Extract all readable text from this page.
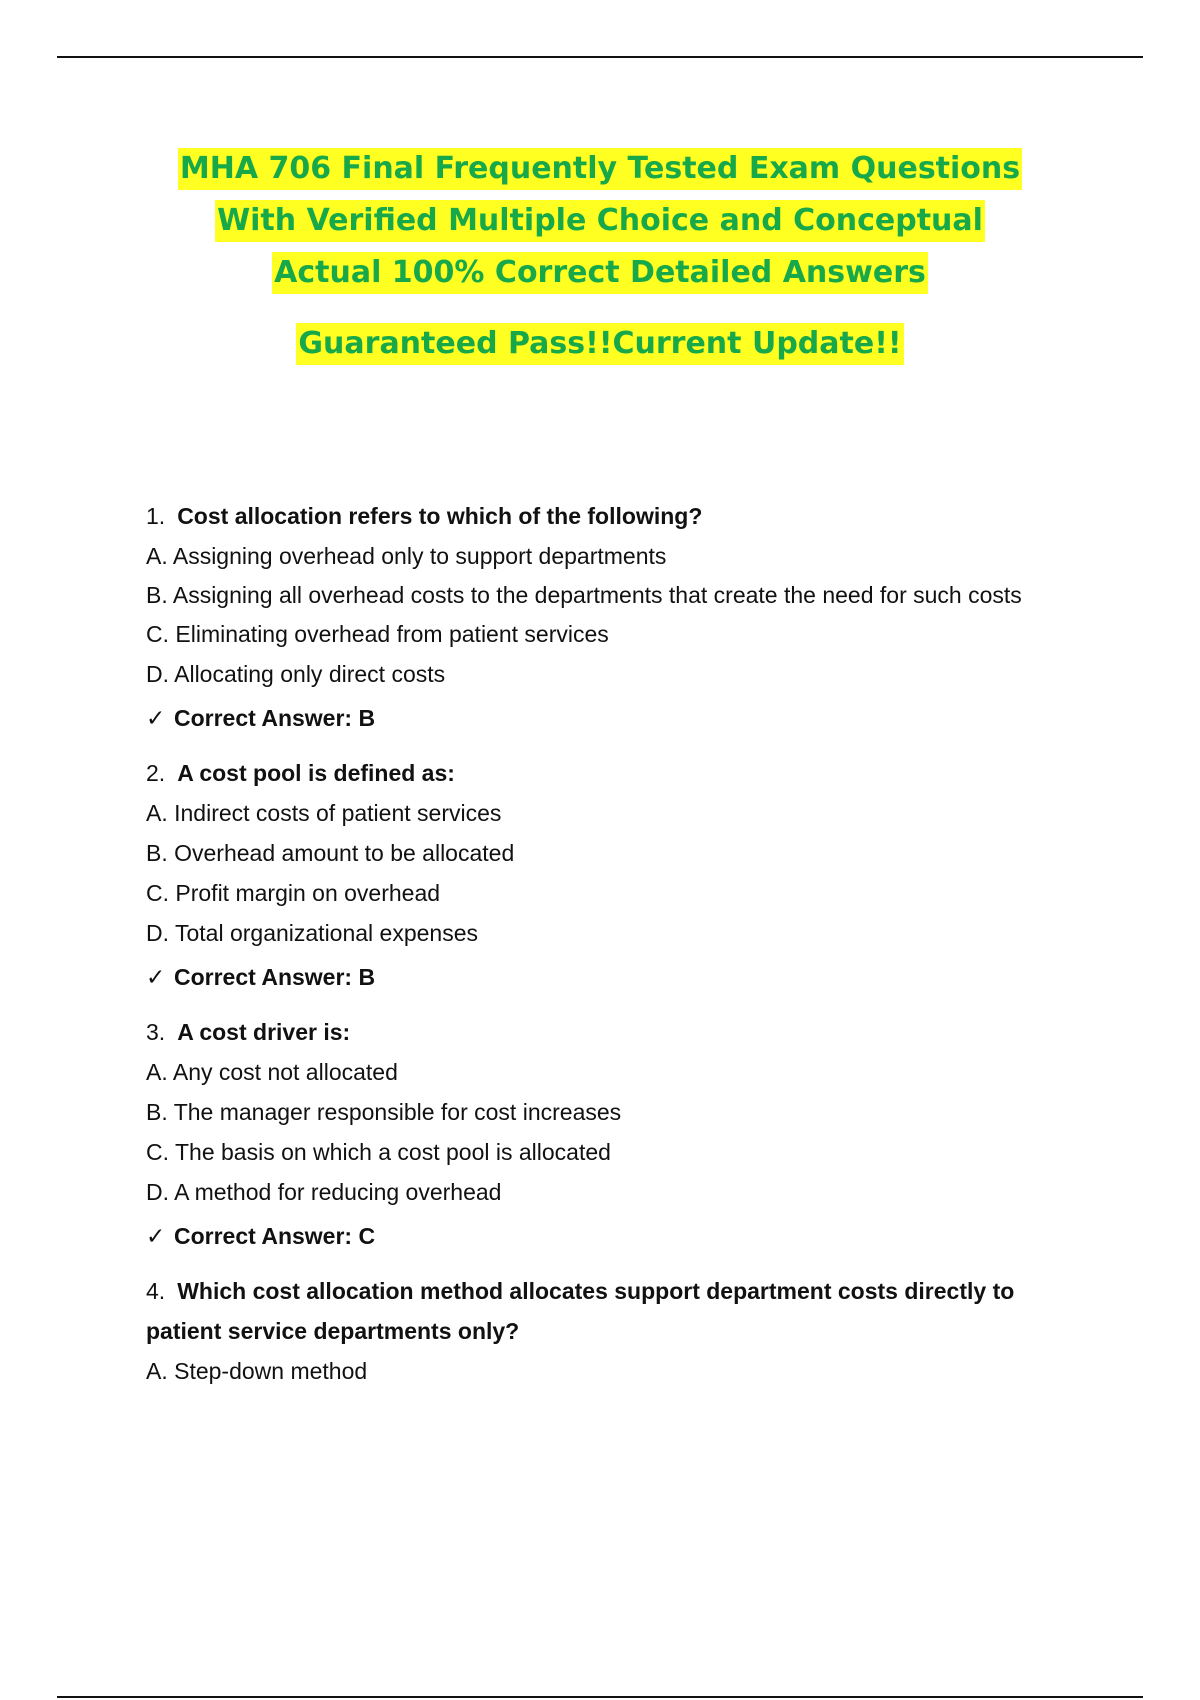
MHA 706 Final Frequently Tested Exam Questions
With Verified Multiple Choice and Conceptual
Actual 100% Correct Detailed Answers
Guaranteed Pass!!Current Update!!

1. Cost allocation refers to which of the following?

A. Assigning overhead only to support departments

B. Assigning all overhead costs to the departments that create the need for such costs

C. Eliminating overhead from patient services

D. Allocating only direct costs

✓ Correct Answer: B

2. A cost pool is defined as:

A. Indirect costs of patient services

B. Overhead amount to be allocated

C. Profit margin on overhead

D. Total organizational expenses

✓ Correct Answer: B

3. A cost driver is:

A. Any cost not allocated

B. The manager responsible for cost increases

C. The basis on which a cost pool is allocated

D. A method for reducing overhead

✓ Correct Answer: C

4. Which cost allocation method allocates support department costs directly to patient service departments only?

A. Step-down method
